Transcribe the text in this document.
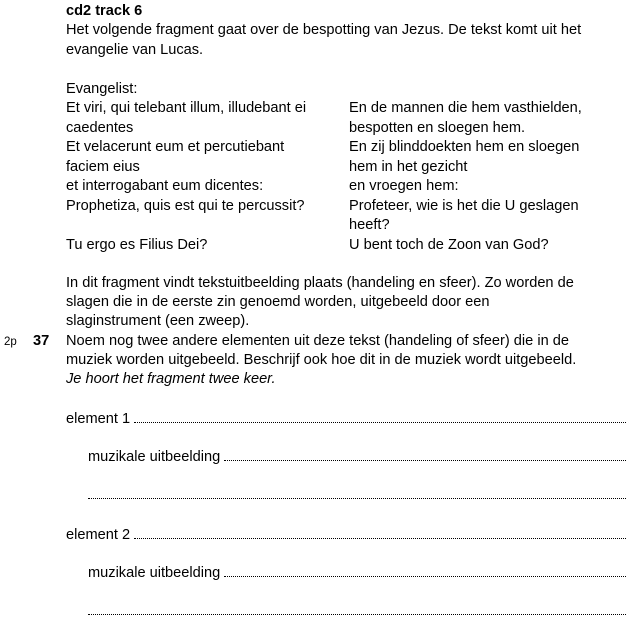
cd2 track 6
Het volgende fragment gaat over de bespotting van Jezus. De tekst komt uit het
evangelie van Lucas.
Evangelist:
Et viri, qui telebant illum, illudebant ei
caedentes
Et velacerunt eum et percutiebant
faciem eius
et interrogabant eum dicentes:
Prophetiza, quis est qui te percussit?
Tu ergo es Filius Dei?
En de mannen die hem vasthielden,
bespotten en sloegen hem.
En zij blinddoekten hem en sloegen
hem in het gezicht
en vroegen hem:
Profeteer, wie is het die U geslagen
heeft?
U bent toch de Zoon van God?
In dit fragment vindt tekstuitbeelding plaats (handeling en sfeer). Zo worden de
slagen die in de eerste zin genoemd worden, uitgebeeld door een
slaginstrument (een zweep).
2p 37 Noem nog twee andere elementen uit deze tekst (handeling of sfeer) die in de
muziek worden uitgebeeld. Beschrijf ook hoe dit in de muziek wordt uitgebeeld.
Je hoort het fragment twee keer.
element 1
muzikale uitbeelding
element 2
muzikale uitbeelding
